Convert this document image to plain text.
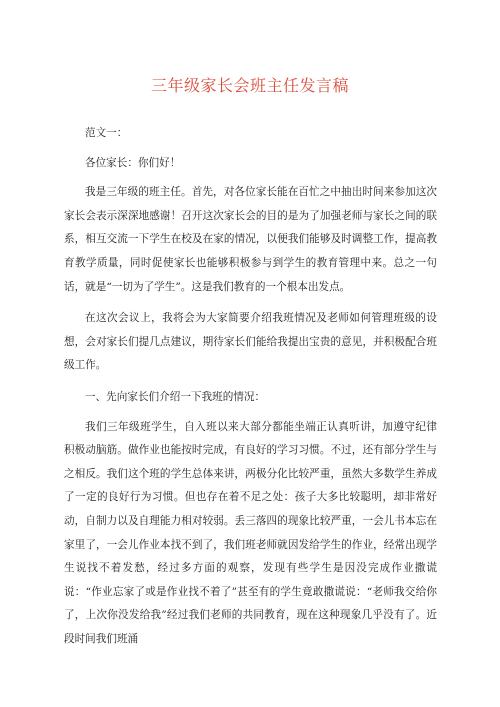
三年级家长会班主任发言稿

范文一：

各位家长：你们好！

我是三年级的班主任。首先，对各位家长能在百忙之中抽出时间来参加这次家长会表示深深地感谢！召开这次家长会的目的是为了加强老师与家长之间的联系，相互交流一下学生在校及在家的情况，以便我们能够及时调整工作，提高教育教学质量，同时促使家长也能够积极参与到学生的教育管理中来。总之一句话，就是“一切为了学生”。这是我们教育的一个根本出发点。

在这次会议上，我将会为大家简要介绍我班情况及老师如何管理班级的设想，会对家长们提几点建议，期待家长们能给我提出宝贵的意见，并积极配合班级工作。

一、先向家长们介绍一下我班的情况：

我们三年级班学生，自入班以来大部分都能坐端正认真听讲，加遵守纪律 积极动脑筋。做作业也能按时完成，有良好的学习习惯。不过，还有部分学生与之相反。我们这个班的学生总体来讲，两极分化比较严重，虽然大多数学生养成了一定的良好行为习惯。但也存在着不足之处：孩子大多比较聪明，却非常好动，自制力以及自理能力相对较弱。丢三落四的现象比较严重，一会儿书本忘在家里了，一会儿作业本找不到了，我们班老师就因发给学生的作业，经常出现学生说找不着发愁，经过多方面的观察，发现有些学生是因没完成作业撒谎说：“作业忘家了或是作业找不着了”甚至有的学生竟敢撒谎说：“老师我交给你了，上次你没发给我”经过我们老师的共同教育，现在这种现象几乎没有了。近段时间我们班涌
